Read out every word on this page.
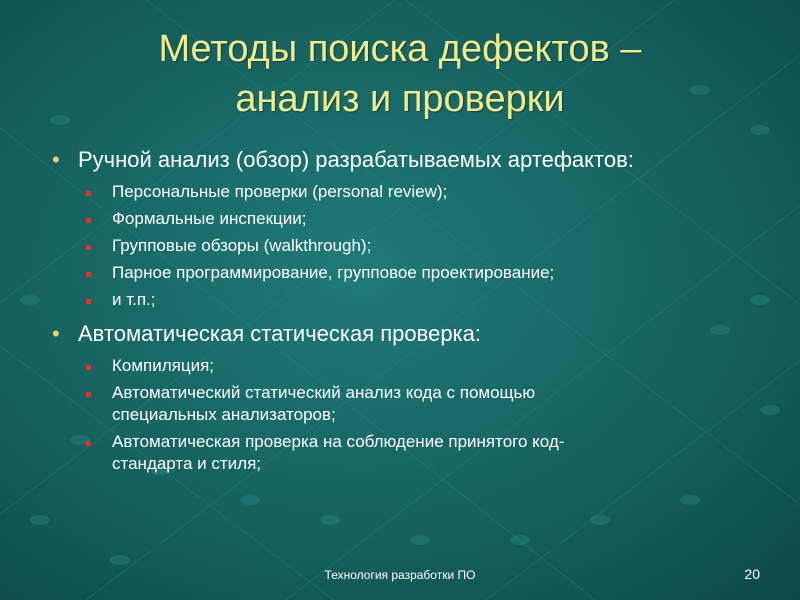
Методы поиска дефектов –
анализ и проверки
• Ручной анализ (обзор) разрабатываемых артефактов:
Персональные проверки (personal review);
Формальные инспекции;
Групповые обзоры (walkthrough);
Парное программирование, групповое проектирование;
и т.п.;
• Автоматическая статическая проверка:
Компиляция;
Автоматический статический анализ кода с помощью
специальных анализаторов;
Автоматическая проверка на соблюдение принятого код-
стандарта и стиля;
Технология разработки ПО	20
